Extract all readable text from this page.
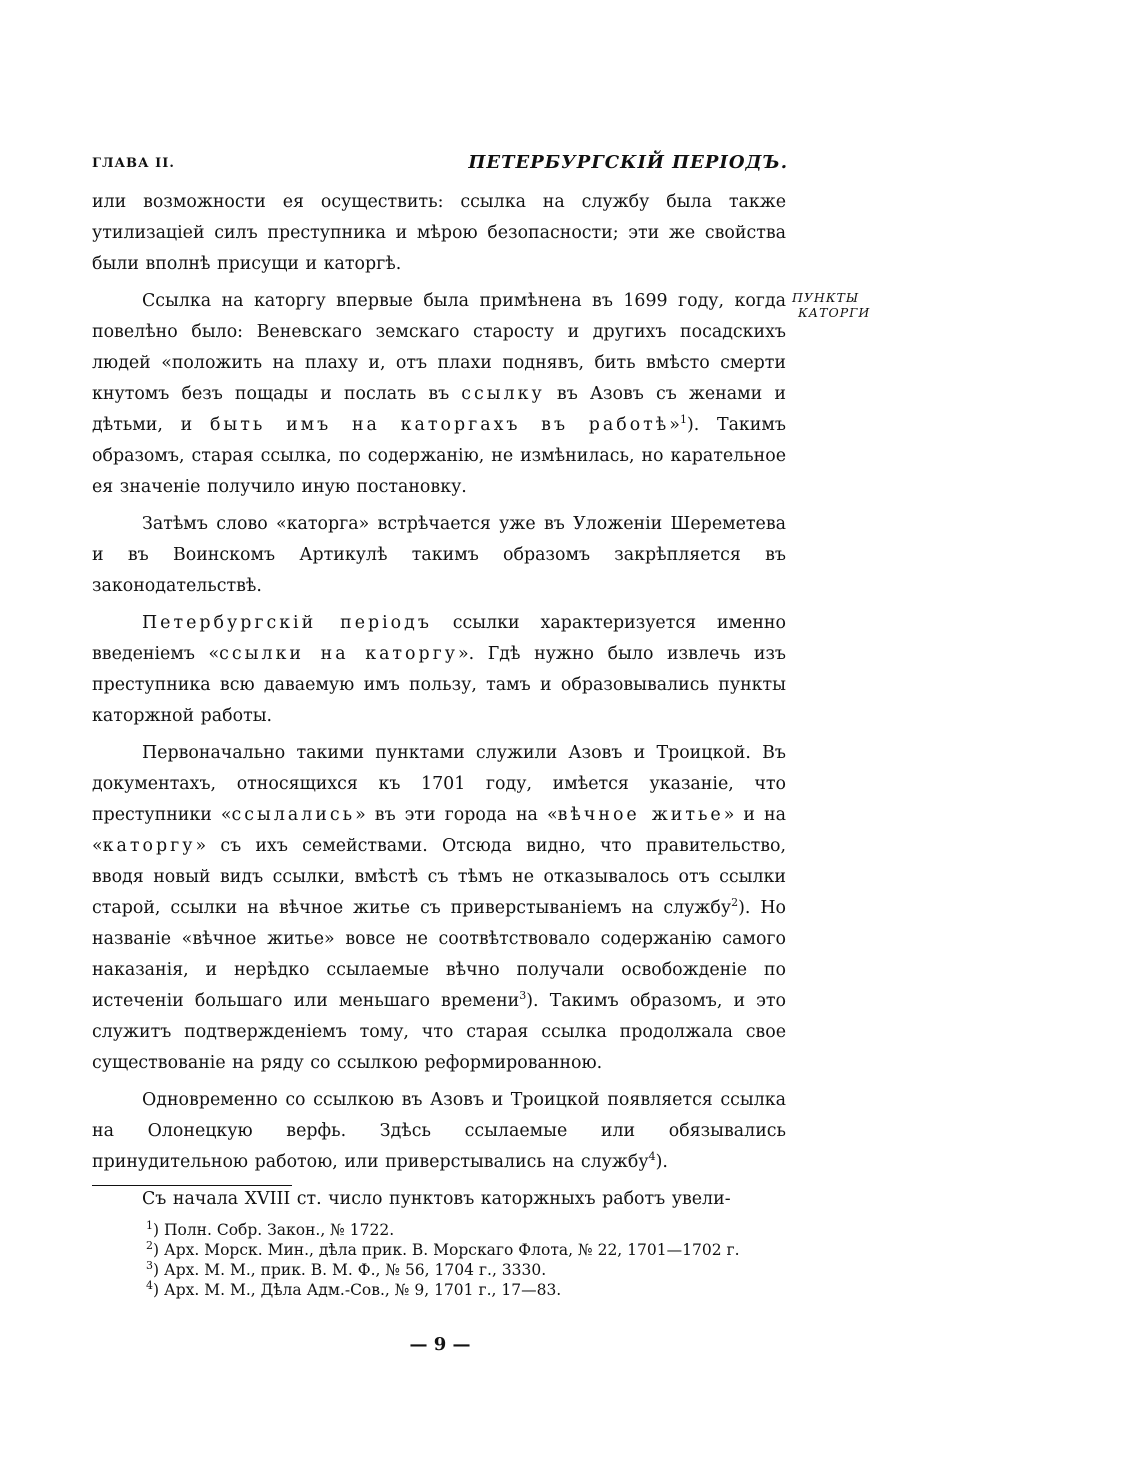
ГЛАВА II.	ПЕТЕРБУРГСКІЙ ПЕРІОДЪ.
ПУНКТЫ
КАТОРГИ

или возможности ея осуществить: ссылка на службу была также утилизацiей силъ преступника и мѣрою безопасности; эти же свойства были вполнѣ присущи и каторгѣ.

Ссылка на каторгу впервые была примѣнена въ 1699 году, когда повелѣно было: Веневскаго земскаго старосту и другихъ посадскихъ людей «положить на плаху и, отъ плахи поднявъ, бить вмѣсто смерти кнутомъ безъ пощады и послать въ ссылку въ Азовъ съ женами и дѣтьми, и быть имъ на каторгахъ въ работѣ»$^1$). Такимъ образомъ, старая ссылка, по содержанiю, не измѣнилась, но карательное ея значенiе получило иную постановку.

Затѣмъ слово «каторга» встрѣчается уже въ Уложенiи Шереметева и въ Воинскомъ Артикулѣ такимъ образомъ закрѣпляется въ законодательствѣ.

Петербургскiй перiодъ ссылки характеризуется именно введенiемъ «ссылки на каторгу». Гдѣ нужно было извлечь изъ преступника всю даваемую имъ пользу, тамъ и образовывались пункты каторжной работы.

Первоначально такими пунктами служили Азовъ и Троицкой. Въ документахъ, относящихся къ 1701 году, имѣется указанiе, что преступники «ссылались» въ эти города на «вѣчное житье» и на «каторгу» съ ихъ семействами. Отсюда видно, что правительство, вводя новый видъ ссылки, вмѣстѣ съ тѣмъ не отказывалось отъ ссылки старой, ссылки на вѣчное житье съ приверстыванiемъ на службу$^2$). Но названiе «вѣчное житье» вовсе не соотвѣтствовало содержанiю самого наказанiя, и нерѣдко ссылаемые вѣчно получали освобожденiе по истеченiи большаго или меньшаго времени$^3$). Такимъ образомъ, и это служитъ подтвержденiемъ тому, что старая ссылка продолжала свое существованiе на ряду со ссылкою реформированною.

Одновременно со ссылкою въ Азовъ и Троицкой появляется ссылка на Олонецкую верфь. Здѣсь ссылаемые или обязывались принудительною работою, или приверстывались на службу$^4$).

Съ начала XVIII ст. число пунктовъ каторжныхъ работъ увели-

$^1$) Полн. Собр. Закон., № 1722.
$^2$) Арх. Морск. Мин., дѣла прик. В. Морскаго Флота, № 22, 1701—1702 г.
$^3$) Арх. М. М., прик. В. М. Ф., № 56, 1704 г., 3330.
$^4$) Арх. М. М., Дѣла Адм.-Сов., № 9, 1701 г., 17—83.
— 9 —
